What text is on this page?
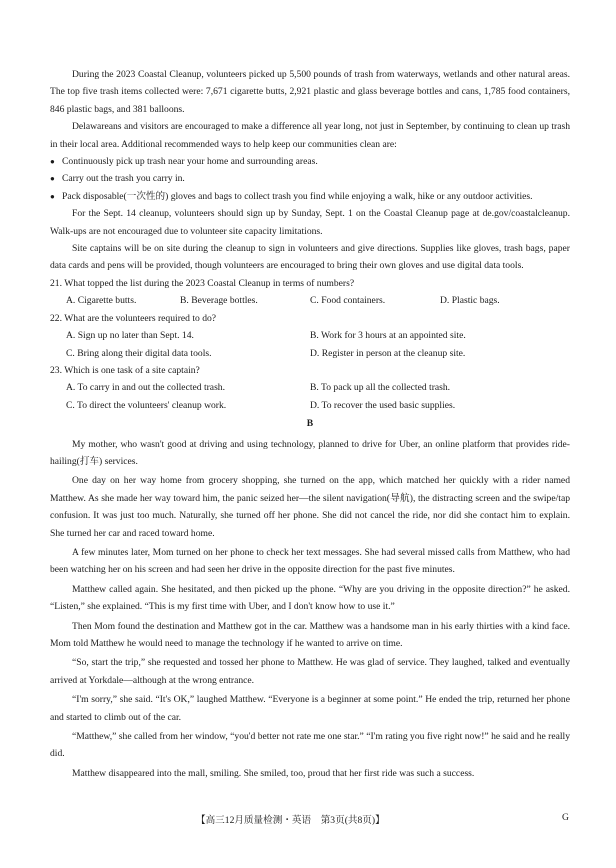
During the 2023 Coastal Cleanup, volunteers picked up 5,500 pounds of trash from waterways, wetlands and other natural areas. The top five trash items collected were: 7,671 cigarette butts, 2,921 plastic and glass beverage bottles and cans, 1,785 food containers, 846 plastic bags, and 381 balloons.

Delawareans and visitors are encouraged to make a difference all year long, not just in September, by continuing to clean up trash in their local area. Additional recommended ways to help keep our communities clean are:

● Continuously pick up trash near your home and surrounding areas.

● Carry out the trash you carry in.

● Pack disposable(一次性的) gloves and bags to collect trash you find while enjoying a walk, hike or any outdoor activities.

For the Sept. 14 cleanup, volunteers should sign up by Sunday, Sept. 1 on the Coastal Cleanup page at de.gov/coastalcleanup. Walk-ups are not encouraged due to volunteer site capacity limitations.

Site captains will be on site during the cleanup to sign in volunteers and give directions. Supplies like gloves, trash bags, paper data cards and pens will be provided, though volunteers are encouraged to bring their own gloves and use digital data tools.

21. What topped the list during the 2023 Coastal Cleanup in terms of numbers?

A. Cigarette butts.	B. Beverage bottles.	C. Food containers.	D. Plastic bags.

22. What are the volunteers required to do?

A. Sign up no later than Sept. 14.	B. Work for 3 hours at an appointed site.
C. Bring along their digital data tools.	D. Register in person at the cleanup site.

23. Which is one task of a site captain?

A. To carry in and out the collected trash.	B. To pack up all the collected trash.
C. To direct the volunteers' cleanup work.	D. To recover the used basic supplies.
B

My mother, who wasn't good at driving and using technology, planned to drive for Uber, an online platform that provides ride-hailing(打车) services.

One day on her way home from grocery shopping, she turned on the app, which matched her quickly with a rider named Matthew. As she made her way toward him, the panic seized her—the silent navigation(导航), the distracting screen and the swipe/tap confusion. It was just too much. Naturally, she turned off her phone. She did not cancel the ride, nor did she contact him to explain. She turned her car and raced toward home.

A few minutes later, Mom turned on her phone to check her text messages. She had several missed calls from Matthew, who had been watching her on his screen and had seen her drive in the opposite direction for the past five minutes.

Matthew called again. She hesitated, and then picked up the phone. “Why are you driving in the opposite direction?” he asked. “Listen,” she explained. “This is my first time with Uber, and I don't know how to use it.”

Then Mom found the destination and Matthew got in the car. Matthew was a handsome man in his early thirties with a kind face. Mom told Matthew he would need to manage the technology if he wanted to arrive on time.

“So, start the trip,” she requested and tossed her phone to Matthew. He was glad of service. They laughed, talked and eventually arrived at Yorkdale—although at the wrong entrance.

“I'm sorry,” she said. “It's OK,” laughed Matthew. “Everyone is a beginner at some point.” He ended the trip, returned her phone and started to climb out of the car.

“Matthew,” she called from her window, “you'd better not rate me one star.” “I'm rating you five right now!” he said and he really did.

Matthew disappeared into the mall, smiling. She smiled, too, proud that her first ride was such a success.

【高三12月质量检测・英语　第3页(共8页)】	G
